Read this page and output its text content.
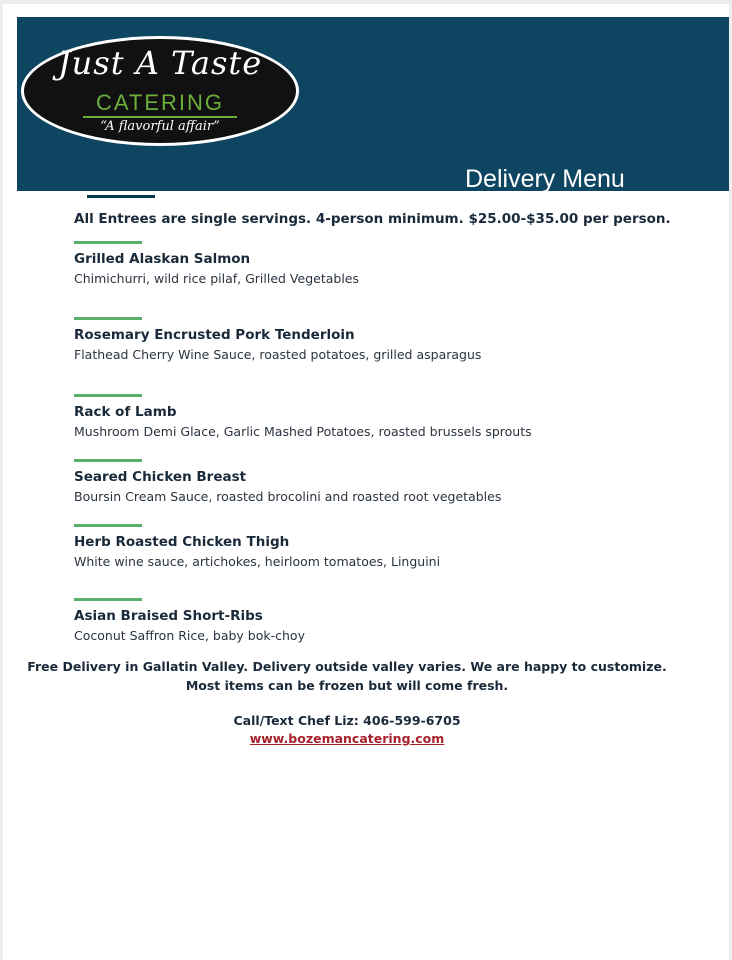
Just A Taste
CATERING
“A flavorful affair”
Delivery Menu
All Entrees are single servings. 4-person minimum. $25.00-$35.00 per person.
Grilled Alaskan Salmon
Chimichurri, wild rice pilaf, Grilled Vegetables
Rosemary Encrusted Pork Tenderloin
Flathead Cherry Wine Sauce, roasted potatoes, grilled asparagus
Rack of Lamb
Mushroom Demi Glace, Garlic Mashed Potatoes, roasted brussels sprouts
Seared Chicken Breast
Boursin Cream Sauce, roasted brocolini and roasted root vegetables
Herb Roasted Chicken Thigh
White wine sauce, artichokes, heirloom tomatoes, Linguini
Asian Braised Short-Ribs
Coconut Saffron Rice, baby bok-choy
Free Delivery in Gallatin Valley. Delivery outside valley varies. We are happy to customize.
Most items can be frozen but will come fresh.
Call/Text Chef Liz: 406-599-6705
www.bozemancatering.com
